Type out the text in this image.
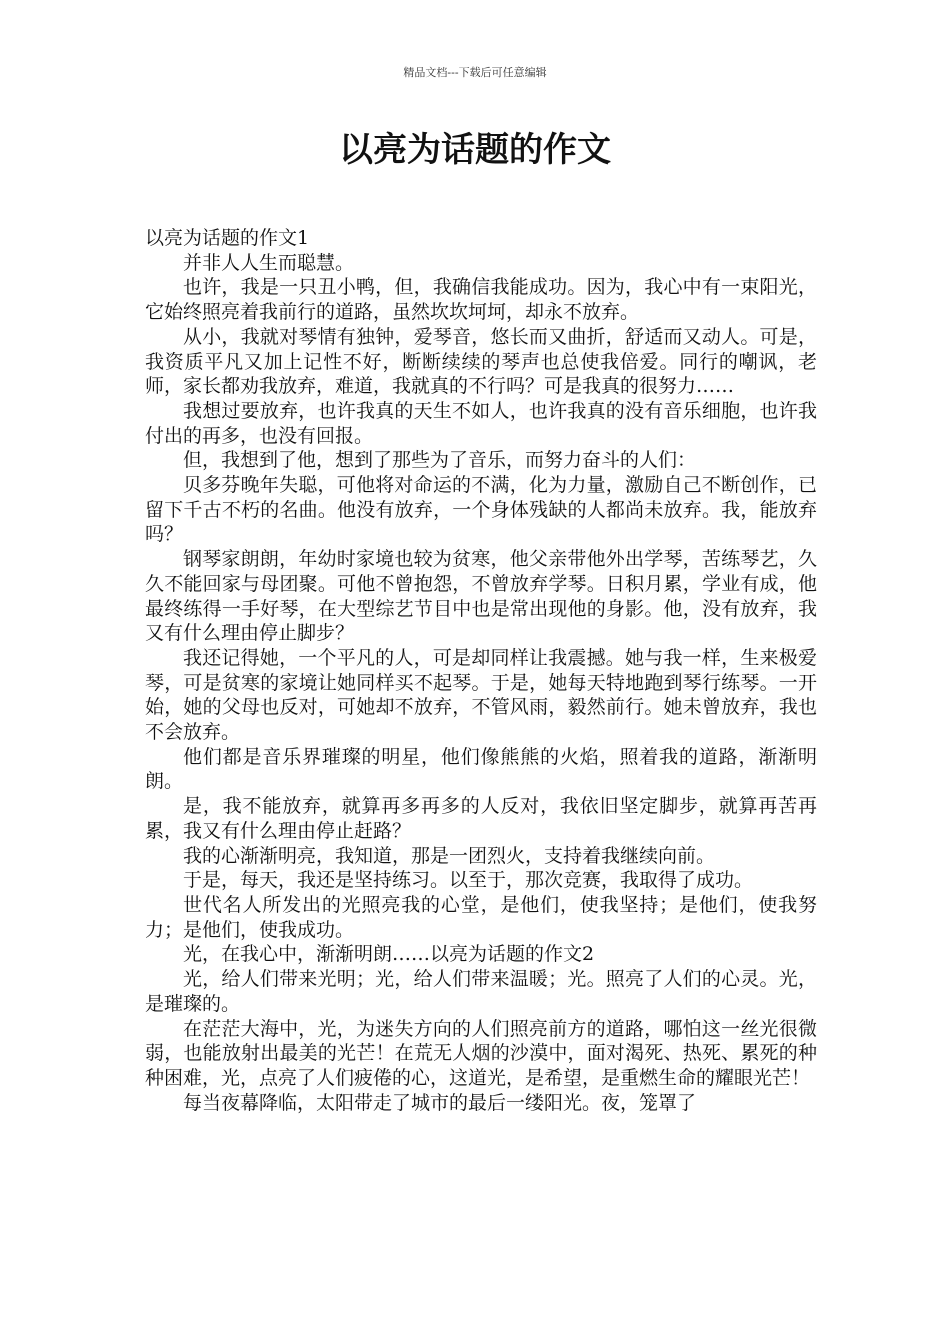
精品文档---下载后可任意编辑
以亮为话题的作文

以亮为话题的作文1

并非人人生而聪慧。

也许，我是一只丑小鸭，但，我确信我能成功。因为，我心中有一束阳光，它始终照亮着我前行的道路，虽然坎坎坷坷，却永不放弃。

从小，我就对琴情有独钟，爱琴音，悠长而又曲折，舒适而又动人。可是，我资质平凡又加上记性不好，断断续续的琴声也总使我倍爱。同行的嘲讽，老师，家长都劝我放弃，难道，我就真的不行吗？可是我真的很努力……

我想过要放弃，也许我真的天生不如人，也许我真的没有音乐细胞，也许我付出的再多，也没有回报。

但，我想到了他，想到了那些为了音乐，而努力奋斗的人们：

贝多芬晚年失聪，可他将对命运的不满，化为力量，激励自己不断创作，已留下千古不朽的名曲。他没有放弃，一个身体残缺的人都尚未放弃。我，能放弃吗？

钢琴家朗朗，年幼时家境也较为贫寒，他父亲带他外出学琴，苦练琴艺，久久不能回家与母团聚。可他不曾抱怨，不曾放弃学琴。日积月累，学业有成，他最终练得一手好琴，在大型综艺节目中也是常出现他的身影。他，没有放弃，我又有什么理由停止脚步？

我还记得她，一个平凡的人，可是却同样让我震撼。她与我一样，生来极爱琴，可是贫寒的家境让她同样买不起琴。于是，她每天特地跑到琴行练琴。一开始，她的父母也反对，可她却不放弃，不管风雨，毅然前行。她未曾放弃，我也不会放弃。

他们都是音乐界璀璨的明星，他们像熊熊的火焰，照着我的道路，渐渐明朗。

是，我不能放弃，就算再多再多的人反对，我依旧坚定脚步，就算再苦再累，我又有什么理由停止赶路？

我的心渐渐明亮，我知道，那是一团烈火，支持着我继续向前。

于是，每天，我还是坚持练习。以至于，那次竞赛，我取得了成功。

世代名人所发出的光照亮我的心堂，是他们，使我坚持；是他们，使我努力；是他们，使我成功。

光，在我心中，渐渐明朗……以亮为话题的作文2

光，给人们带来光明；光，给人们带来温暖；光。照亮了人们的心灵。光，是璀璨的。

在茫茫大海中，光，为迷失方向的人们照亮前方的道路，哪怕这一丝光很微弱，也能放射出最美的光芒！在荒无人烟的沙漠中，面对渴死、热死、累死的种种困难，光，点亮了人们疲倦的心，这道光，是希望，是重燃生命的耀眼光芒！

每当夜幕降临，太阳带走了城市的最后一缕阳光。夜，笼罩了
